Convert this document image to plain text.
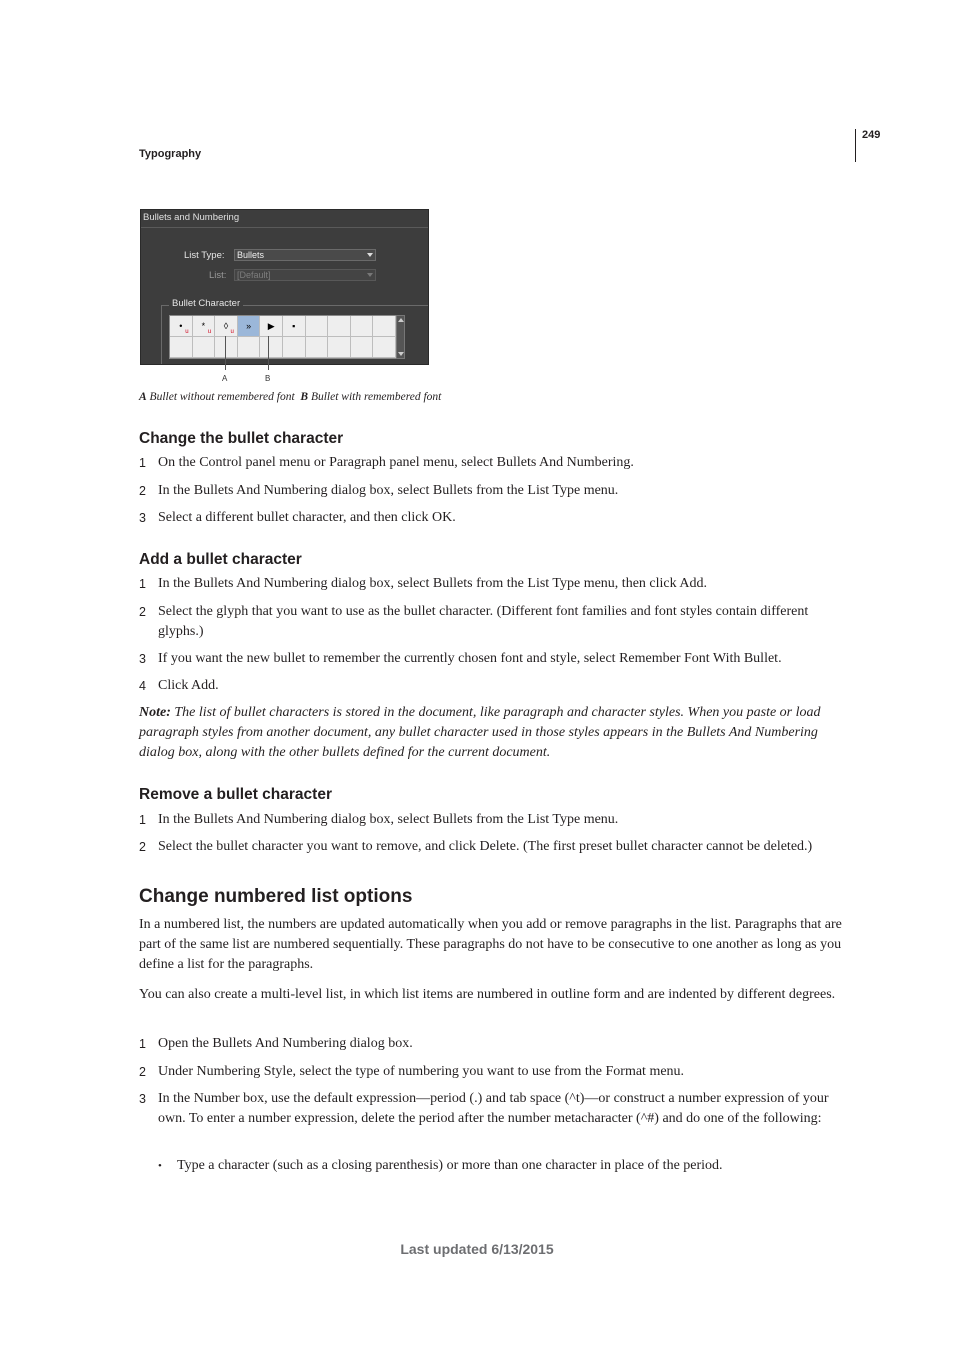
249
Typography
Bullets and Numbering
List Type:	Bullets
List:	[Default]
Bullet Character
•
u
*
u
◊
u
»	▶	▪
A	B
A Bullet without remembered font B Bullet with remembered font
Change the bullet character
1 On the Control panel menu or Paragraph panel menu, select Bullets And Numbering.
2 In the Bullets And Numbering dialog box, select Bullets from the List Type menu.
3 Select a different bullet character, and then click OK.
Add a bullet character
1 In the Bullets And Numbering dialog box, select Bullets from the List Type menu, then click Add.
2 Select the glyph that you want to use as the bullet character. (Different font families and font styles contain different glyphs.)
3 If you want the new bullet to remember the currently chosen font and style, select Remember Font With Bullet.
4 Click Add.

Note: The list of bullet characters is stored in the document, like paragraph and character styles. When you paste or load paragraph styles from another document, any bullet character used in those styles appears in the Bullets And Numbering dialog box, along with the other bullets defined for the current document.

Remove a bullet character
1 In the Bullets And Numbering dialog box, select Bullets from the List Type menu.
2 Select the bullet character you want to remove, and click Delete. (The first preset bullet character cannot be deleted.)
Change numbered list options

In a numbered list, the numbers are updated automatically when you add or remove paragraphs in the list. Paragraphs that are part of the same list are numbered sequentially. These paragraphs do not have to be consecutive to one another as long as you define a list for the paragraphs.

You can also create a multi-level list, in which list items are numbered in outline form and are indented by different degrees.

1 Open the Bullets And Numbering dialog box.
2 Under Numbering Style, select the type of numbering you want to use from the Format menu.
3 In the Number box, use the default expression—period (.) and tab space (^t)—or construct a number expression of your own. To enter a number expression, delete the period after the number metacharacter (^#) and do one of the following:
• Type a character (such as a closing parenthesis) or more than one character in place of the period.
Last updated 6/13/2015
